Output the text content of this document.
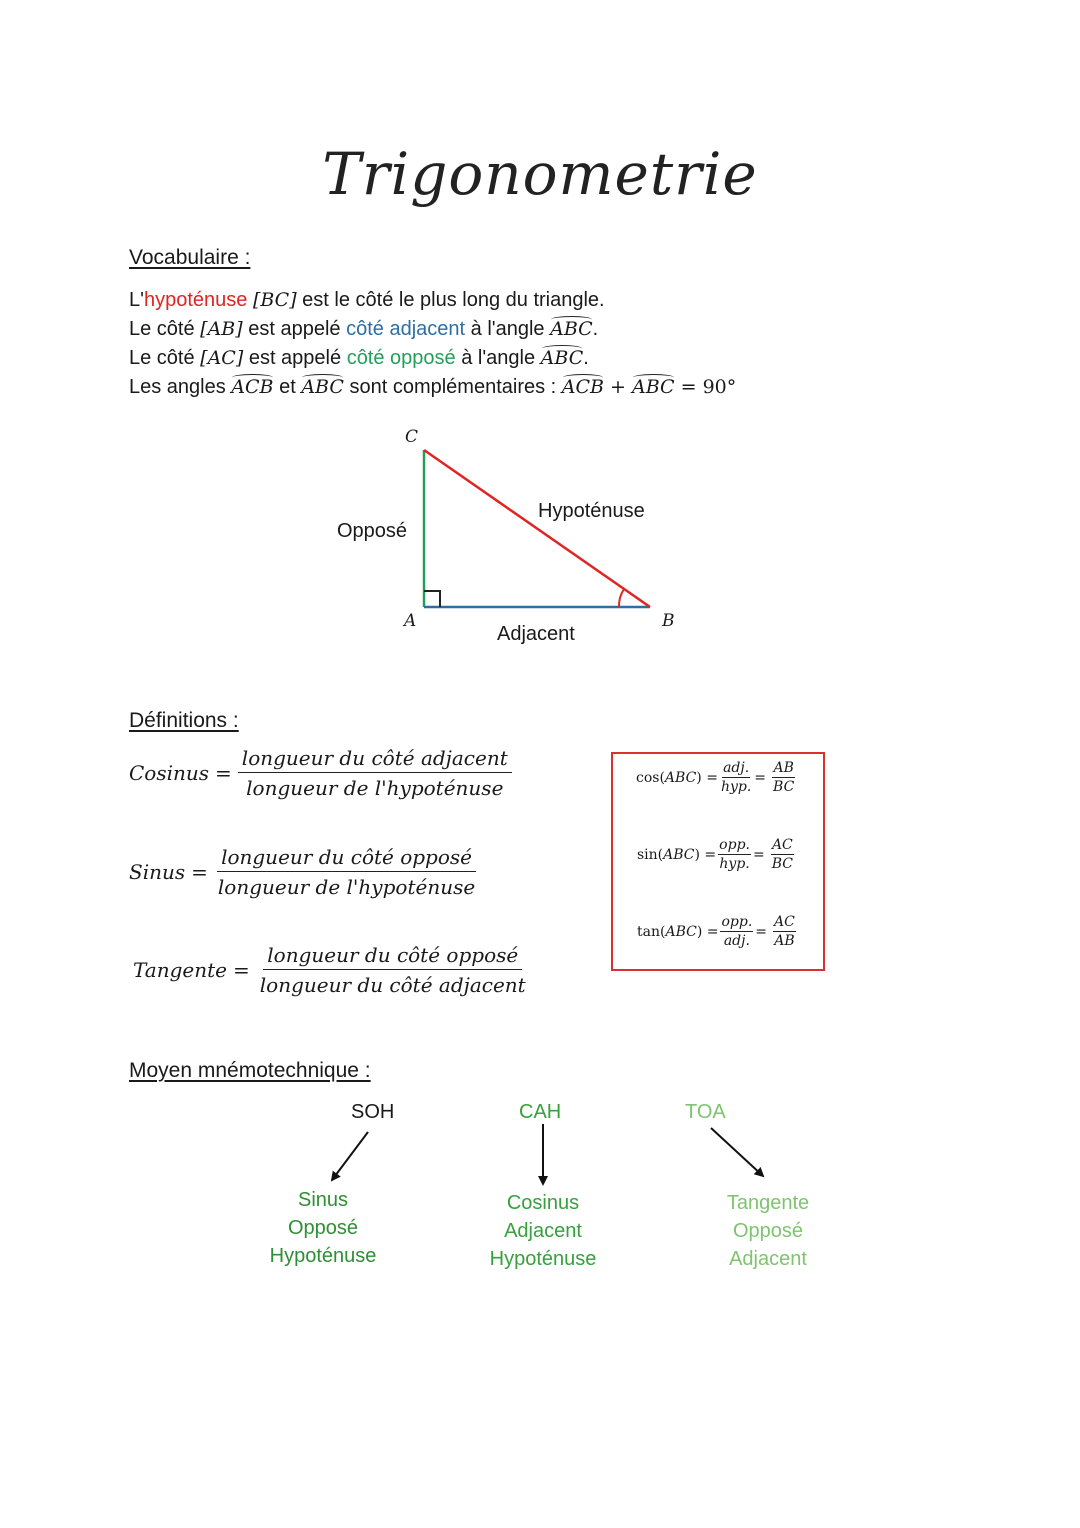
Trigonometrie
Vocabulaire :
L'hypoténuse [BC] est le côté le plus long du triangle.
Le côté [AB] est appelé côté adjacent à l'angle ABC.
Le côté [AC] est appelé côté opposé à l'angle ABC.
Les angles ACB et ABC sont complémentaires : ACB + ABC = 90°
C
A	B
Opposé
Hypoténuse
Adjacent
Définitions :
Cosinus = $\frac{\text{longueur du côté adjacent}}{\text{longueur de l'hypoténuse}}$
Sinus = $\frac{\text{longueur du côté opposé}}{\text{longueur de l'hypoténuse}}$
Tangente = $\frac{\text{longueur du côté opposé}}{\text{longueur du côté adjacent}}$
cos( ABC ) = $\frac{\text{adj.}}{\text{hyp.}} = \frac{AB}{BC}$
sin( ABC ) = $\frac{\text{opp.}}{\text{hyp.}} = \frac{AC}{BC}$
tan( ABC ) = $\frac{\text{opp.}}{\text{adj.}} = \frac{AC}{AB}$
Moyen mnémotechnique :
SOH	CAH	TOA
Sinus
Opposé
Hypoténuse
Cosinus
Adjacent
Hypoténuse
Tangente
Opposé
Adjacent
